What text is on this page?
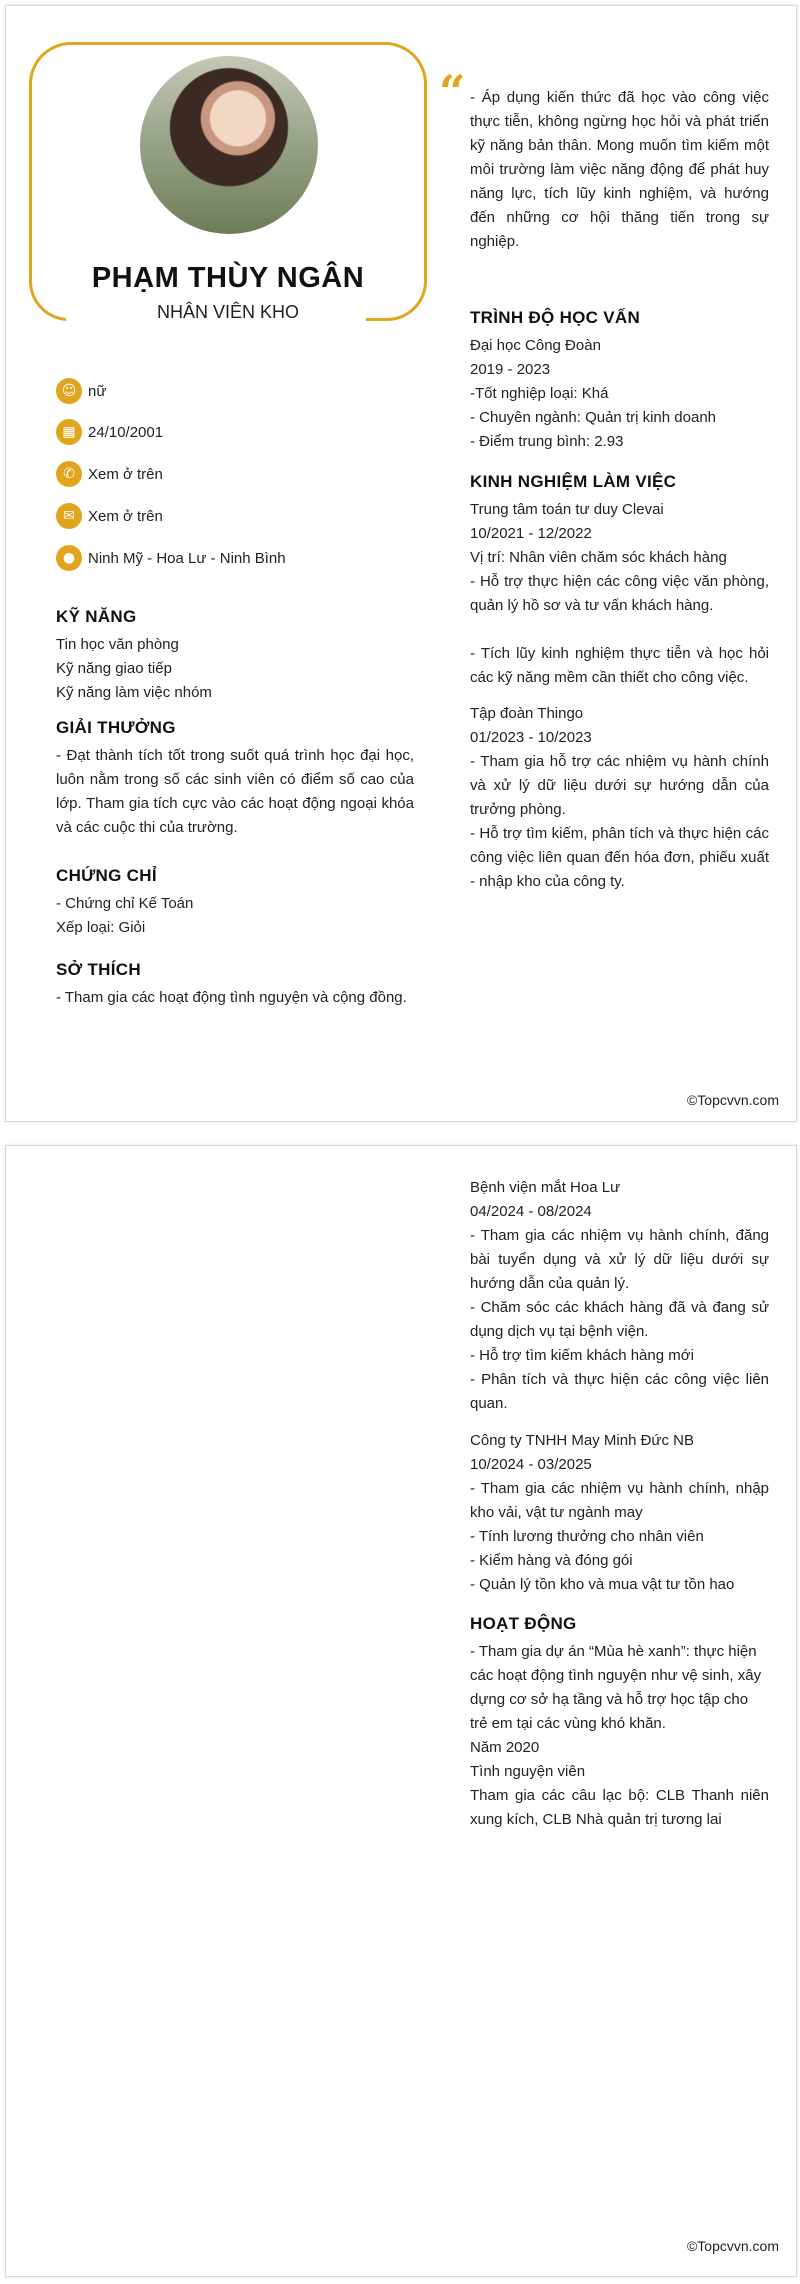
PHẠM THÙY NGÂN
NHÂN VIÊN KHO
☺ nữ
▦ 24/10/2001
✆ Xem ở trên
✉ Xem ở trên
● Ninh Mỹ - Hoa Lư - Ninh Bình
KỸ NĂNG
Tin học văn phòng
Kỹ năng giao tiếp
Kỹ năng làm việc nhóm
GIẢI THƯỞNG
- Đạt thành tích tốt trong suốt quá trình học đại học, luôn nằm trong số các sinh viên có điểm số cao của lớp. Tham gia tích cực vào các hoạt động ngoại khóa và các cuộc thi của trường.
CHỨNG CHỈ
- Chứng chỉ Kế Toán
Xếp loại: Giỏi
SỞ THÍCH
- Tham gia các hoạt động tình nguyện và cộng đồng.
“ - Áp dụng kiến thức đã học vào công việc thực tiễn, không ngừng học hỏi và phát triển kỹ năng bản thân. Mong muốn tìm kiếm một môi trường làm việc năng động để phát huy năng lực, tích lũy kinh nghiệm, và hướng đến những cơ hội thăng tiến trong sự nghiệp.
TRÌNH ĐỘ HỌC VẤN
Đại học Công Đoàn
2019 - 2023
-Tốt nghiệp loại: Khá
- Chuyên ngành: Quản trị kinh doanh
- Điểm trung bình: 2.93
KINH NGHIỆM LÀM VIỆC
Trung tâm toán tư duy Clevai
10/2021 - 12/2022
Vị trí: Nhân viên chăm sóc khách hàng
- Hỗ trợ thực hiện các công việc văn phòng, quản lý hồ sơ và tư vấn khách hàng.
- Tích lũy kinh nghiệm thực tiễn và học hỏi các kỹ năng mềm cần thiết cho công việc.
Tập đoàn Thingo
01/2023 - 10/2023
- Tham gia hỗ trợ các nhiệm vụ hành chính và xử lý dữ liệu dưới sự hướng dẫn của trưởng phòng.
- Hỗ trợ tìm kiếm, phân tích và thực hiện các công việc liên quan đến hóa đơn, phiếu xuất - nhập kho của công ty.
©Topcvvn.com
Bệnh viện mắt Hoa Lư
04/2024 - 08/2024
- Tham gia các nhiệm vụ hành chính, đăng bài tuyển dụng và xử lý dữ liệu dưới sự hướng dẫn của quản lý.
- Chăm sóc các khách hàng đã và đang sử dụng dịch vụ tại bệnh viện.
- Hỗ trợ tìm kiếm khách hàng mới
- Phân tích và thực hiện các công việc liên quan.
Công ty TNHH May Minh Đức NB
10/2024 - 03/2025
- Tham gia các nhiệm vụ hành chính, nhập kho vải, vật tư ngành may
- Tính lương thưởng cho nhân viên
- Kiểm hàng và đóng gói
- Quản lý tồn kho và mua vật tư tồn hao
HOẠT ĐỘNG
- Tham gia dự án “Mùa hè xanh”: thực hiện các hoạt động tình nguyện như vệ sinh, xây dựng cơ sở hạ tầng và hỗ trợ học tập cho trẻ em tại các vùng khó khăn.
Năm 2020
Tình nguyện viên
Tham gia các câu lạc bộ: CLB Thanh niên xung kích, CLB Nhà quản trị tương lai
©Topcvvn.com
